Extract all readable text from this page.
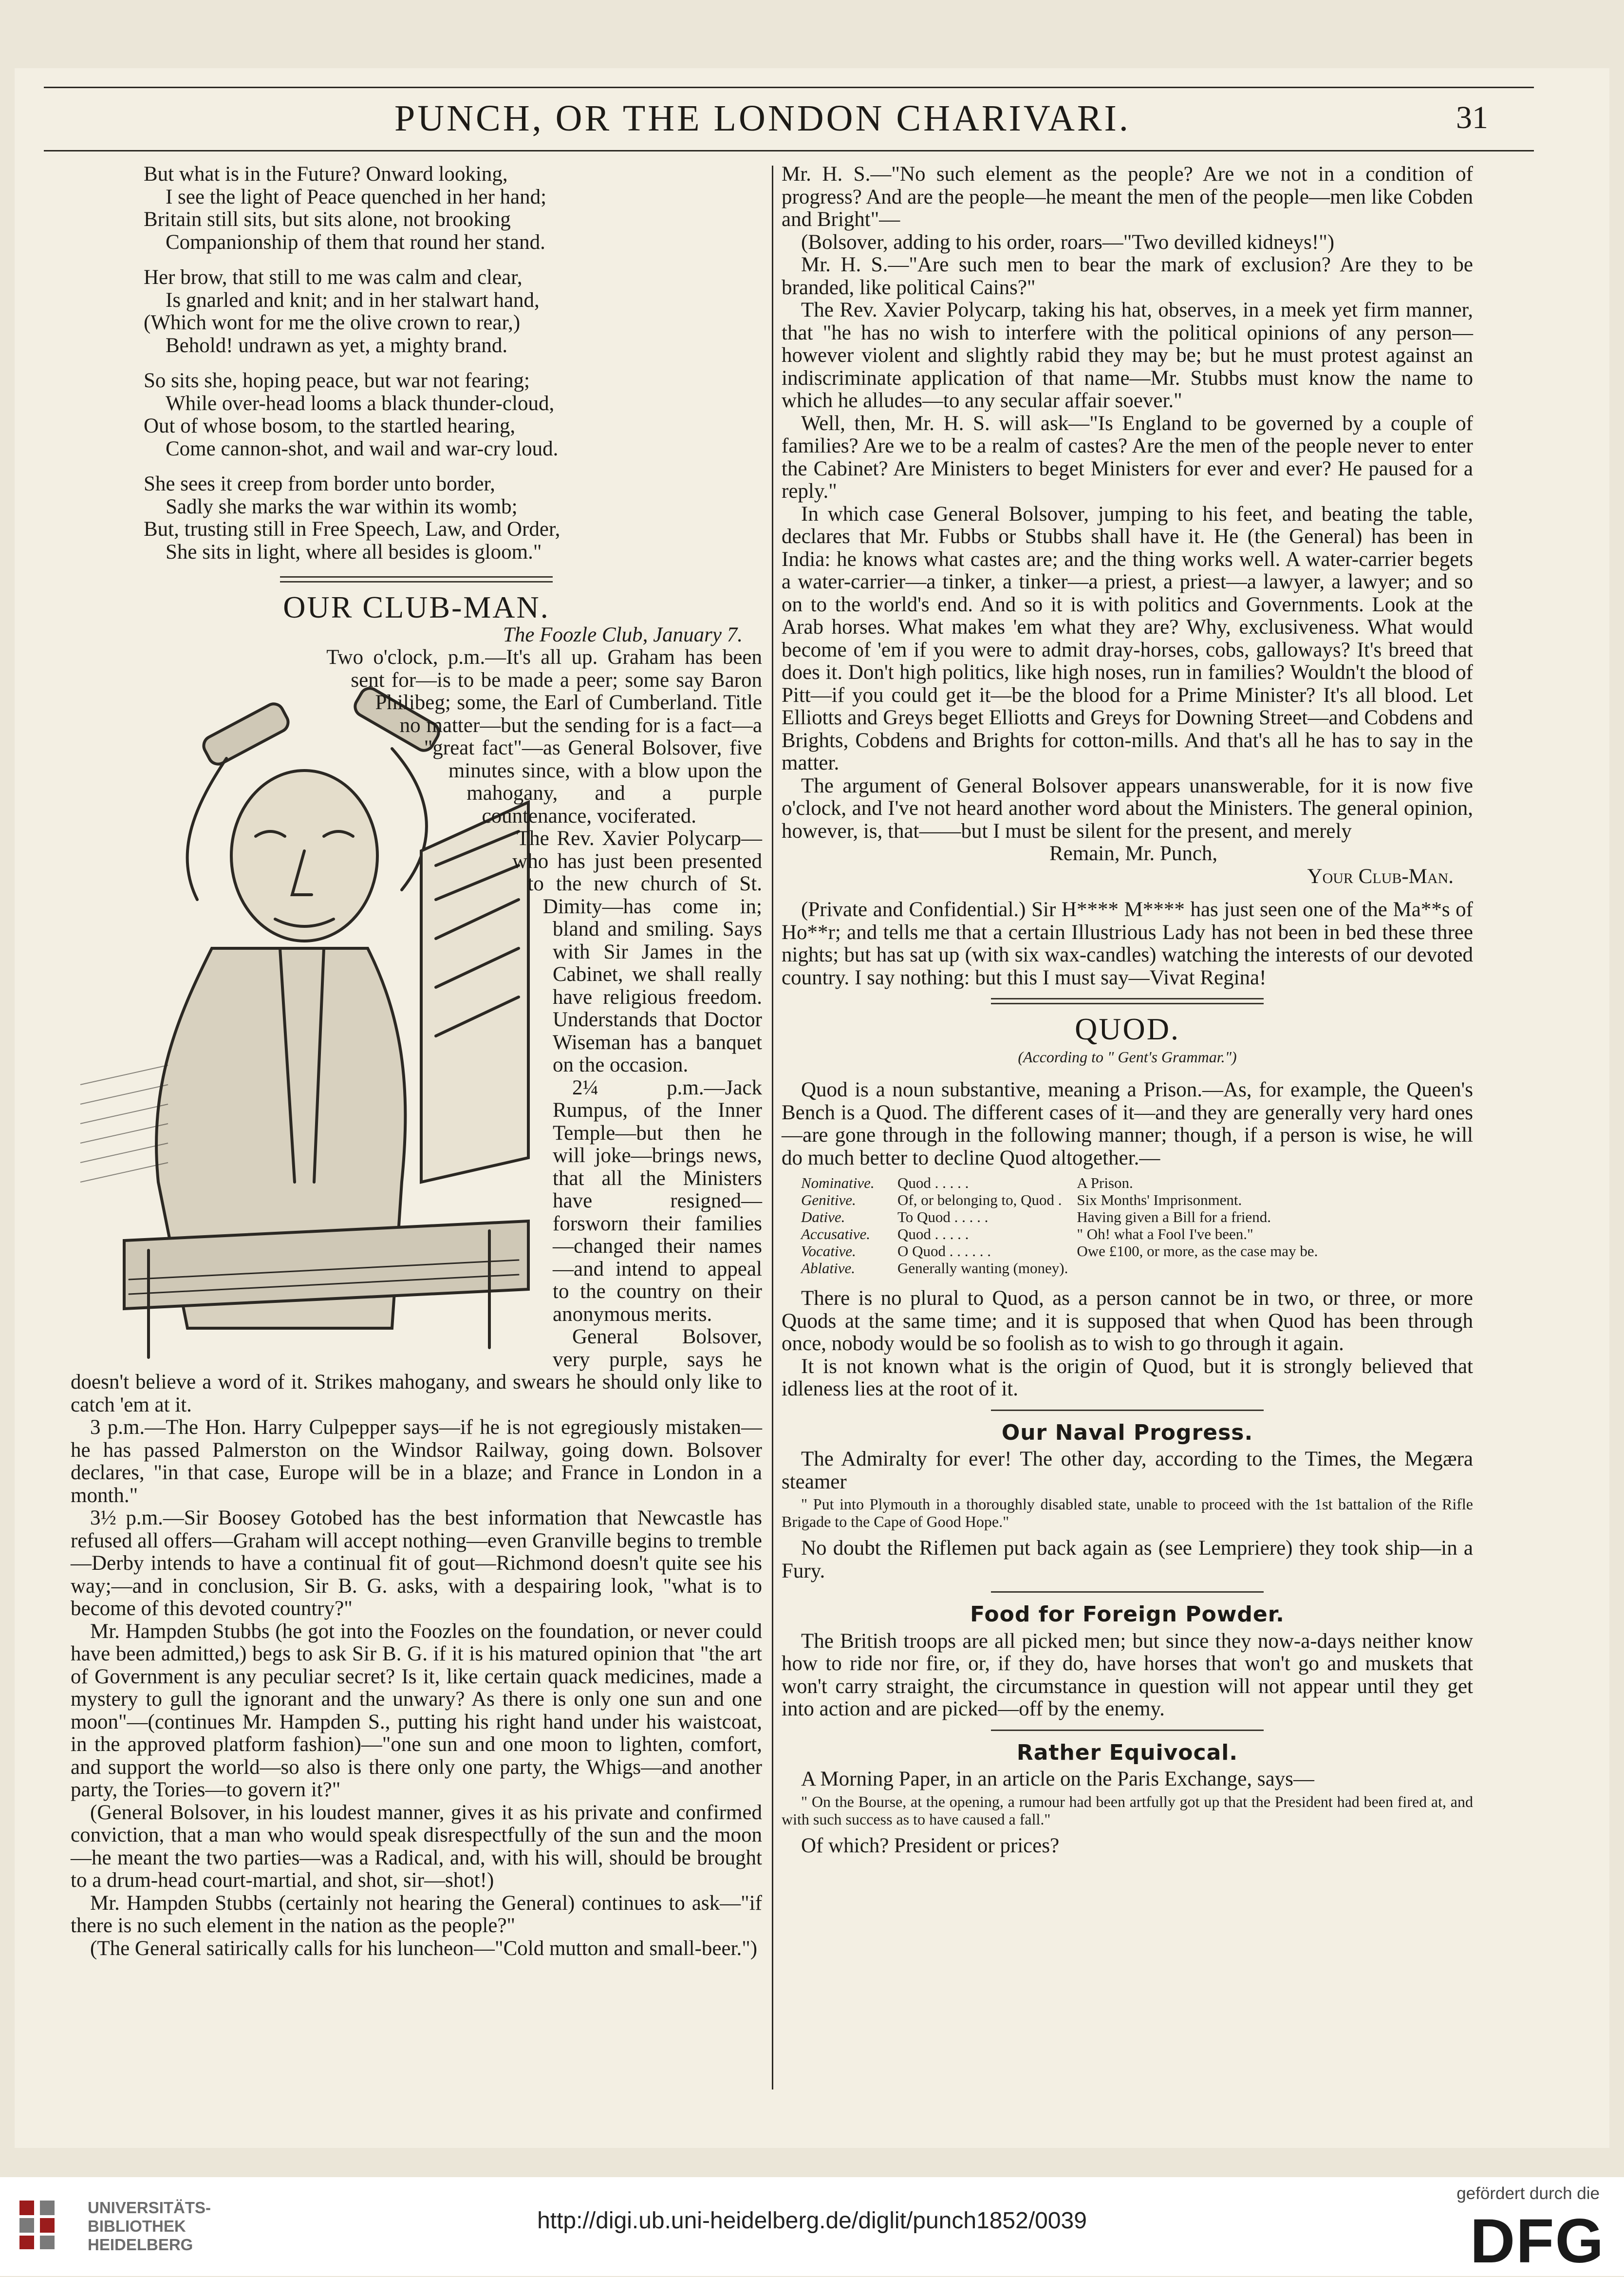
PUNCH, OR THE LONDON CHARIVARI.	31
But what is in the Future? Onward looking,
I see the light of Peace quenched in her hand;
Britain still sits, but sits alone, not brooking
Companionship of them that round her stand.
Her brow, that still to me was calm and clear,
Is gnarled and knit; and in her stalwart hand,
(Which wont for me the olive crown to rear,)
Behold! undrawn as yet, a mighty brand.
So sits she, hoping peace, but war not fearing;
While over-head looms a black thunder-cloud,
Out of whose bosom, to the startled hearing,
Come cannon-shot, and wail and war-cry loud.
She sees it creep from border unto border,
Sadly she marks the war within its womb;
But, trusting still in Free Speech, Law, and Order,
She sits in light, where all besides is gloom."
OUR CLUB-MAN.

The Foozle Club, January 7.

Two o'clock, p.m.—It's all up. Graham has been sent for—is to be made a peer; some say Baron Philibeg; some, the Earl of Cumberland. Title no matter—but the sending for is a fact—a "great fact"—as General Bolsover, five minutes since, with a blow upon the mahogany, and a purple countenance, vociferated.

The Rev. Xavier Polycarp—who has just been presented to the new church of St. Dimity—has come in; bland and smiling. Says with Sir James in the Cabinet, we shall really have religious freedom. Understands that Doctor Wiseman has a banquet on the occasion.

2¼ p.m.—Jack Rumpus, of the Inner Temple—but then he will joke—brings news, that all the Ministers have resigned—forsworn their families—changed their names—and intend to appeal to the country on their anonymous merits.

General Bolsover, very purple, says he doesn't believe a word of it. Strikes mahogany, and swears he should only like to catch 'em at it.

3 p.m.—The Hon. Harry Culpepper says—if he is not egregiously mistaken—he has passed Palmerston on the Windsor Railway, going down. Bolsover declares, "in that case, Europe will be in a blaze; and France in London in a month."

3½ p.m.—Sir Boosey Gotobed has the best information that Newcastle has refused all offers—Graham will accept nothing—even Granville begins to tremble—Derby intends to have a continual fit of gout—Richmond doesn't quite see his way;—and in conclusion, Sir B. G. asks, with a despairing look, "what is to become of this devoted country?"

Mr. Hampden Stubbs (he got into the Foozles on the foundation, or never could have been admitted,) begs to ask Sir B. G. if it is his matured opinion that "the art of Government is any peculiar secret? Is it, like certain quack medicines, made a mystery to gull the ignorant and the unwary? As there is only one sun and one moon"—(continues Mr. Hampden S., putting his right hand under his waistcoat, in the approved platform fashion)—"one sun and one moon to lighten, comfort, and support the world—so also is there only one party, the Whigs—and another party, the Tories—to govern it?"

(General Bolsover, in his loudest manner, gives it as his private and confirmed conviction, that a man who would speak disrespectfully of the sun and the moon—he meant the two parties—was a Radical, and, with his will, should be brought to a drum-head court-martial, and shot, sir—shot!)

Mr. Hampden Stubbs (certainly not hearing the General) continues to ask—"if there is no such element in the nation as the people?"

(The General satirically calls for his luncheon—"Cold mutton and small-beer.")

Mr. H. S.—"No such element as the people? Are we not in a condition of progress? And are the people—he meant the men of the people—men like Cobden and Bright"—

(Bolsover, adding to his order, roars—"Two devilled kidneys!")

Mr. H. S.—"Are such men to bear the mark of exclusion? Are they to be branded, like political Cains?"

The Rev. Xavier Polycarp, taking his hat, observes, in a meek yet firm manner, that "he has no wish to interfere with the political opinions of any person—however violent and slightly rabid they may be; but he must protest against an indiscriminate application of that name—Mr. Stubbs must know the name to which he alludes—to any secular affair soever."

Well, then, Mr. H. S. will ask—"Is England to be governed by a couple of families? Are we to be a realm of castes? Are the men of the people never to enter the Cabinet? Are Ministers to beget Ministers for ever and ever? He paused for a reply."

In which case General Bolsover, jumping to his feet, and beating the table, declares that Mr. Fubbs or Stubbs shall have it. He (the General) has been in India: he knows what castes are; and the thing works well. A water-carrier begets a water-carrier—a tinker, a tinker—a priest, a priest—a lawyer, a lawyer; and so on to the world's end. And so it is with politics and Governments. Look at the Arab horses. What makes 'em what they are? Why, exclusiveness. What would become of 'em if you were to admit dray-horses, cobs, galloways? It's breed that does it. Don't high politics, like high noses, run in families? Wouldn't the blood of Pitt—if you could get it—be the blood for a Prime Minister? It's all blood. Let Elliotts and Greys beget Elliotts and Greys for Downing Street—and Cobdens and Brights, Cobdens and Brights for cotton-mills. And that's all he has to say in the matter.

The argument of General Bolsover appears unanswerable, for it is now five o'clock, and I've not heard another word about the Ministers. The general opinion, however, is, that——but I must be silent for the present, and merely

Remain, Mr. Punch,

Your Club-Man.

(Private and Confidential.) Sir H**** M**** has just seen one of the Ma**s of Ho**r; and tells me that a certain Illustrious Lady has not been in bed these three nights; but has sat up (with six wax-candles) watching the interests of our devoted country. I say nothing: but this I must say—Vivat Regina!

QUOD.
(According to " Gent's Grammar.")

Quod is a noun substantive, meaning a Prison.—As, for example, the Queen's Bench is a Quod. The different cases of it—and they are generally very hard ones—are gone through in the following manner; though, if a person is wise, he will do much better to decline Quod altogether.—

Nominative.	Quod . . . . .	A Prison.
Genitive.	Of, or belonging to, Quod .	Six Months' Imprisonment.
Dative.	To Quod . . . . .	Having given a Bill for a friend.
Accusative.	Quod . . . . .	" Oh! what a Fool I've been."
Vocative.	O Quod . . . . . .	Owe £100, or more, as the case may be.
Ablative.	Generally wanting (money).	

There is no plural to Quod, as a person cannot be in two, or three, or more Quods at the same time; and it is supposed that when Quod has been through once, nobody would be so foolish as to wish to go through it again.

It is not known what is the origin of Quod, but it is strongly believed that idleness lies at the root of it.

Our Naval Progress.

The Admiralty for ever! The other day, according to the Times, the Megæra steamer

" Put into Plymouth in a thoroughly disabled state, unable to proceed with the 1st battalion of the Rifle Brigade to the Cape of Good Hope."

No doubt the Riflemen put back again as (see Lempriere) they took ship—in a Fury.

Food for Foreign Powder.

The British troops are all picked men; but since they now-a-days neither know how to ride nor fire, or, if they do, have horses that won't go and muskets that won't carry straight, the circumstance in question will not appear until they get into action and are picked—off by the enemy.

Rather Equivocal.

A Morning Paper, in an article on the Paris Exchange, says—

" On the Bourse, at the opening, a rumour had been artfully got up that the President had been fired at, and with such success as to have caused a fall."

Of which? President or prices?

UNIVERSITÄTS-
BIBLIOTHEK
HEIDELBERG
http://digi.ub.uni-heidelberg.de/diglit/punch1852/0039
gefördert durch die
DFG
